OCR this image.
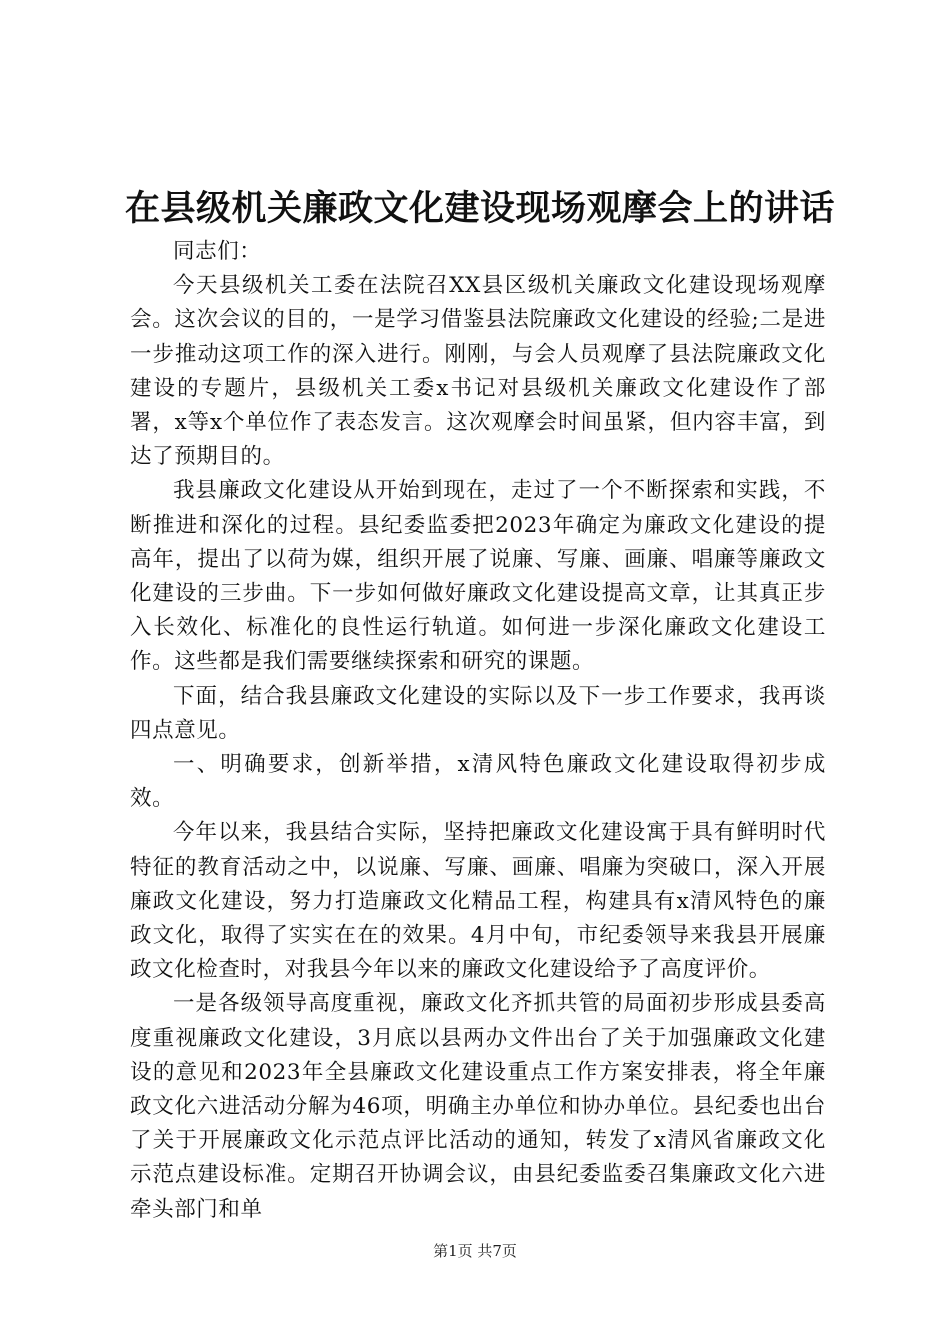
在县级机关廉政文化建设现场观摩会上的讲话

同志们：

今天县级机关工委在法院召XX县区级机关廉政文化建设现场观摩会。这次会议的目的，一是学习借鉴县法院廉政文化建设的经验;二是进一步推动这项工作的深入进行。刚刚，与会人员观摩了县法院廉政文化建设的专题片，县级机关工委x书记对县级机关廉政文化建设作了部署，x等x个单位作了表态发言。这次观摩会时间虽紧，但内容丰富，到达了预期目的。

我县廉政文化建设从开始到现在，走过了一个不断探索和实践，不断推进和深化的过程。县纪委监委把2023年确定为廉政文化建设的提高年，提出了以荷为媒，组织开展了说廉、写廉、画廉、唱廉等廉政文化建设的三步曲。下一步如何做好廉政文化建设提高文章，让其真正步入长效化、标准化的良性运行轨道。如何进一步深化廉政文化建设工作。这些都是我们需要继续探索和研究的课题。

下面，结合我县廉政文化建设的实际以及下一步工作要求，我再谈四点意见。

一、明确要求，创新举措，x清风特色廉政文化建设取得初步成效。

今年以来，我县结合实际，坚持把廉政文化建设寓于具有鲜明时代特征的教育活动之中，以说廉、写廉、画廉、唱廉为突破口，深入开展廉政文化建设，努力打造廉政文化精品工程，构建具有x清风特色的廉政文化，取得了实实在在的效果。4月中旬，市纪委领导来我县开展廉政文化检查时，对我县今年以来的廉政文化建设给予了高度评价。

一是各级领导高度重视，廉政文化齐抓共管的局面初步形成县委高度重视廉政文化建设，3月底以县两办文件出台了关于加强廉政文化建设的意见和2023年全县廉政文化建设重点工作方案安排表，将全年廉政文化六进活动分解为46项，明确主办单位和协办单位。县纪委也出台了关于开展廉政文化示范点评比活动的通知，转发了x清风省廉政文化示范点建设标准。定期召开协调会议，由县纪委监委召集廉政文化六进牵头部门和单

第1页 共7页
